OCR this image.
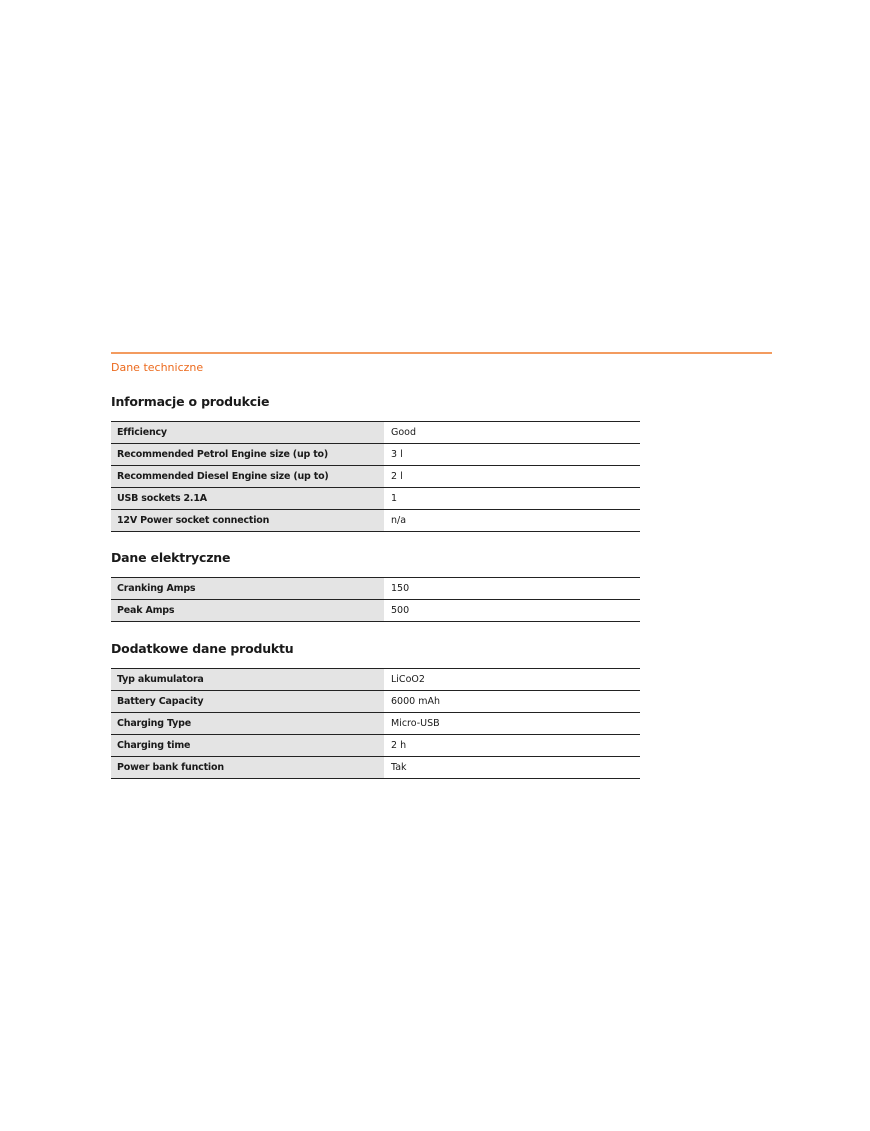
Dane techniczne
Informacje o produkcie
Efficiency	Good
Recommended Petrol Engine size (up to)	3 l
Recommended Diesel Engine size (up to)	2 l
USB sockets 2.1A	1
12V Power socket connection	n/a
Dane elektryczne
Cranking Amps	150
Peak Amps	500
Dodatkowe dane produktu
Typ akumulatora	LiCoO2
Battery Capacity	6000 mAh
Charging Type	Micro-USB
Charging time	2 h
Power bank function	Tak
